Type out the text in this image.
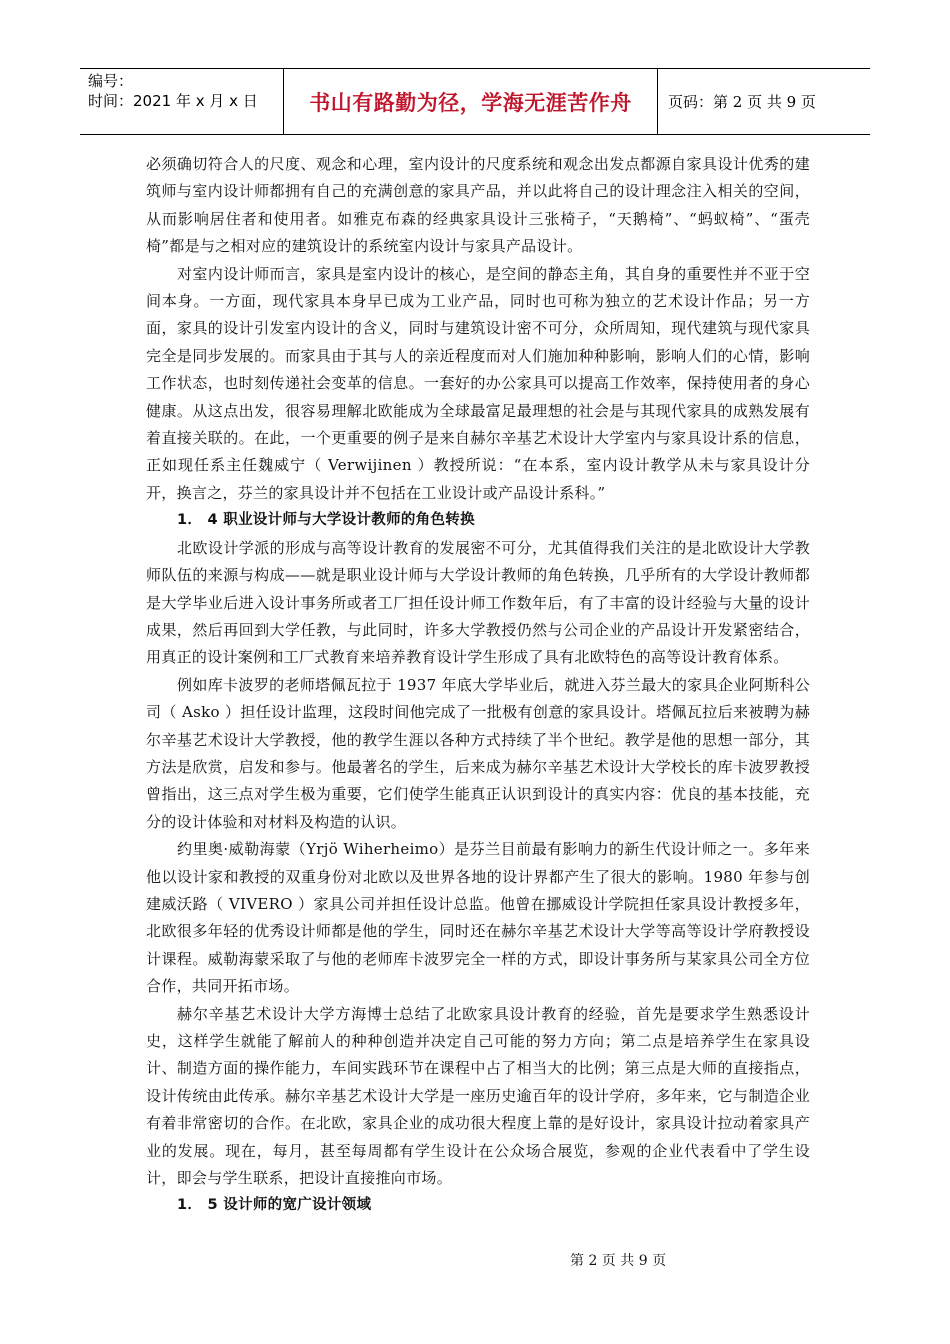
编号：
时间：2021 年 x 月 x 日	书山有路勤为径，学海无涯苦作舟	页码：第 2 页 共 9 页

必须确切符合人的尺度、观念和心理，室内设计的尺度系统和观念出发点都源自家具设计优秀的建筑师与室内设计师都拥有自己的充满创意的家具产品，并以此将自己的设计理念注入相关的空间，从而影响居住者和使用者。如雅克布森的经典家具设计三张椅子，“天鹅椅”、“蚂蚁椅”、“蛋壳椅”都是与之相对应的建筑设计的系统室内设计与家具产品设计。

对室内设计师而言，家具是室内设计的核心，是空间的静态主角，其自身的重要性并不亚于空间本身。一方面，现代家具本身早已成为工业产品，同时也可称为独立的艺术设计作品；另一方面，家具的设计引发室内设计的含义，同时与建筑设计密不可分，众所周知，现代建筑与现代家具完全是同步发展的。而家具由于其与人的亲近程度而对人们施加种种影响，影响人们的心情，影响工作状态，也时刻传递社会变革的信息。一套好的办公家具可以提高工作效率，保持使用者的身心健康。从这点出发，很容易理解北欧能成为全球最富足最理想的社会是与其现代家具的成熟发展有着直接关联的。在此，一个更重要的例子是来自赫尔辛基艺术设计大学室内与家具设计系的信息，正如现任系主任魏威宁（ Verwijinen ）教授所说：“在本系，室内设计教学从未与家具设计分开，换言之，芬兰的家具设计并不包括在工业设计或产品设计系科。”

1． 4 职业设计师与大学设计教师的角色转换

北欧设计学派的形成与高等设计教育的发展密不可分，尤其值得我们关注的是北欧设计大学教师队伍的来源与构成——就是职业设计师与大学设计教师的角色转换，几乎所有的大学设计教师都是大学毕业后进入设计事务所或者工厂担任设计师工作数年后，有了丰富的设计经验与大量的设计成果，然后再回到大学任教，与此同时，许多大学教授仍然与公司企业的产品设计开发紧密结合，用真正的设计案例和工厂式教育来培养教育设计学生形成了具有北欧特色的高等设计教育体系。

例如库卡波罗的老师塔佩瓦拉于 1937 年底大学毕业后，就进入芬兰最大的家具企业阿斯科公司（ Asko ）担任设计监理，这段时间他完成了一批极有创意的家具设计。塔佩瓦拉后来被聘为赫尔辛基艺术设计大学教授，他的教学生涯以各种方式持续了半个世纪。教学是他的思想一部分，其方法是欣赏，启发和参与。他最著名的学生，后来成为赫尔辛基艺术设计大学校长的库卡波罗教授曾指出，这三点对学生极为重要，它们使学生能真正认识到设计的真实内容：优良的基本技能，充分的设计体验和对材料及构造的认识。

约里奥·威勒海蒙（Yrjö Wiherheimo）是芬兰目前最有影响力的新生代设计师之一。多年来他以设计家和教授的双重身份对北欧以及世界各地的设计界都产生了很大的影响。1980 年参与创建威沃路（ VIVERO ）家具公司并担任设计总监。他曾在挪威设计学院担任家具设计教授多年，北欧很多年轻的优秀设计师都是他的学生，同时还在赫尔辛基艺术设计大学等高等设计学府教授设计课程。威勒海蒙采取了与他的老师库卡波罗完全一样的方式，即设计事务所与某家具公司全方位合作，共同开拓市场。

赫尔辛基艺术设计大学方海博士总结了北欧家具设计教育的经验，首先是要求学生熟悉设计史，这样学生就能了解前人的种种创造并决定自己可能的努力方向；第二点是培养学生在家具设计、制造方面的操作能力，车间实践环节在课程中占了相当大的比例；第三点是大师的直接指点，设计传统由此传承。赫尔辛基艺术设计大学是一座历史逾百年的设计学府，多年来，它与制造企业有着非常密切的合作。在北欧，家具企业的成功很大程度上靠的是好设计，家具设计拉动着家具产业的发展。现在，每月，甚至每周都有学生设计在公众场合展览，参观的企业代表看中了学生设计，即会与学生联系，把设计直接推向市场。

1． 5 设计师的宽广设计领域

第 2 页 共 9 页
